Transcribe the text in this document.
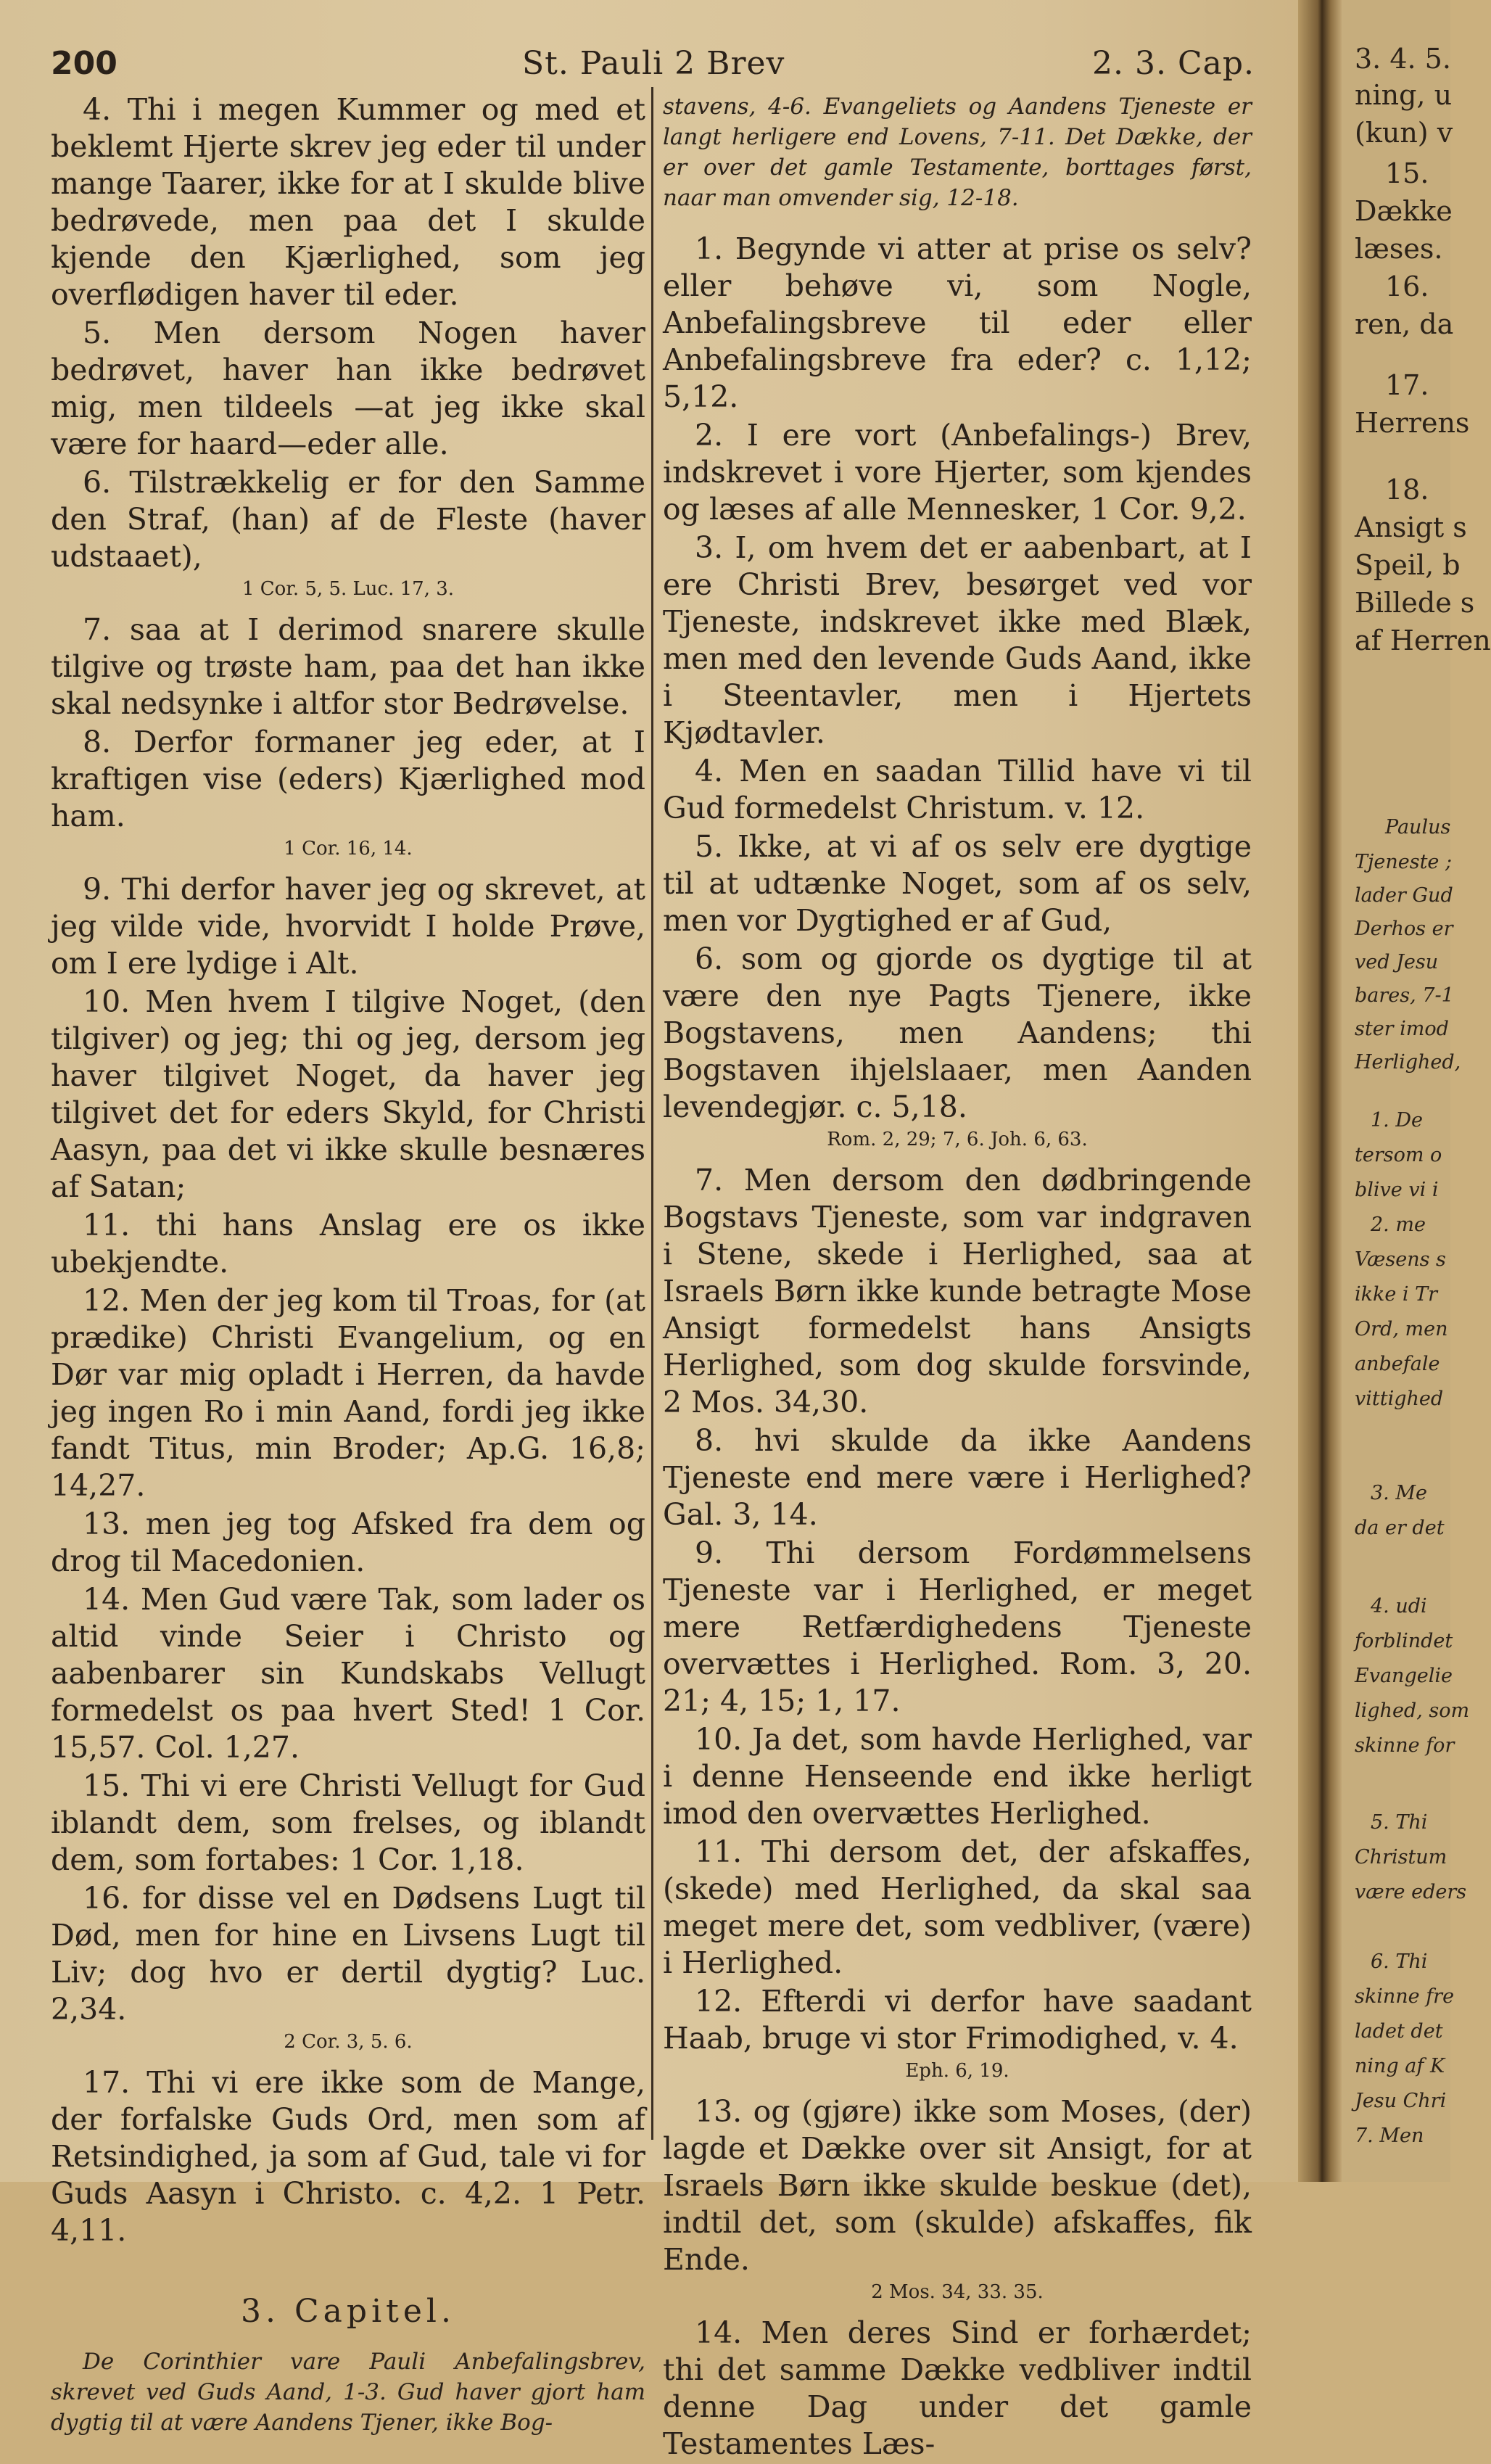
200	St. Pauli 2 Brev	2. 3. Cap.

4. Thi i megen Kummer og med et beklemt Hjerte skrev jeg eder til under mange Taarer, ikke for at I skulde blive bedrøvede, men paa det I skulde kjende den Kjærlighed, som jeg overflødigen haver til eder.

5. Men dersom Nogen haver bedrøvet, haver han ikke bedrøvet mig, men tildeels —at jeg ikke skal være for haard—eder alle.

6. Tilstrækkelig er for den Samme den Straf, (han) af de Fleste (haver udstaaet),

1 Cor. 5, 5. Luc. 17, 3.

7. saa at I derimod snarere skulle tilgive og trøste ham, paa det han ikke skal nedsynke i altfor stor Bedrøvelse.

8. Derfor formaner jeg eder, at I kraftigen vise (eders) Kjærlighed mod ham.

1 Cor. 16, 14.

9. Thi derfor haver jeg og skrevet, at jeg vilde vide, hvorvidt I holde Prøve, om I ere lydige i Alt.

10. Men hvem I tilgive Noget, (den tilgiver) og jeg; thi og jeg, dersom jeg haver tilgivet Noget, da haver jeg tilgivet det for eders Skyld, for Christi Aasyn, paa det vi ikke skulle besnæres af Satan;

11. thi hans Anslag ere os ikke ubekjendte.

12. Men der jeg kom til Troas, for (at prædike) Christi Evangelium, og en Dør var mig opladt i Herren, da havde jeg ingen Ro i min Aand, fordi jeg ikke fandt Titus, min Broder; Ap.G. 16,8; 14,27.

13. men jeg tog Afsked fra dem og drog til Macedonien.

14. Men Gud være Tak, som lader os altid vinde Seier i Christo og aabenbarer sin Kundskabs Vellugt formedelst os paa hvert Sted! 1 Cor. 15,57. Col. 1,27.

15. Thi vi ere Christi Vellugt for Gud iblandt dem, som frelses, og iblandt dem, som fortabes: 1 Cor. 1,18.

16. for disse vel en Dødsens Lugt til Død, men for hine en Livsens Lugt til Liv; dog hvo er dertil dygtig? Luc. 2,34.

2 Cor. 3, 5. 6.

17. Thi vi ere ikke som de Mange, der forfalske Guds Ord, men som af Retsindighed, ja som af Gud, tale vi for Guds Aasyn i Christo. c. 4,2. 1 Petr. 4,11.

3. Capitel.

De Corinthier vare Pauli Anbefalingsbrev, skrevet ved Guds Aand, 1-3. Gud haver gjort ham dygtig til at være Aandens Tjener, ikke Bog-

stavens, 4-6. Evangeliets og Aandens Tjeneste er langt herligere end Lovens, 7-11. Det Dække, der er over det gamle Testamente, borttages først, naar man omvender sig, 12-18.

1. Begynde vi atter at prise os selv? eller behøve vi, som Nogle, Anbefalingsbreve til eder eller Anbefalingsbreve fra eder? c. 1,12; 5,12.

2. I ere vort (Anbefalings-) Brev, indskrevet i vore Hjerter, som kjendes og læses af alle Mennesker, 1 Cor. 9,2.

3. I, om hvem det er aabenbart, at I ere Christi Brev, besørget ved vor Tjeneste, indskrevet ikke med Blæk, men med den levende Guds Aand, ikke i Steentavler, men i Hjertets Kjødtavler.

4. Men en saadan Tillid have vi til Gud formedelst Christum. v. 12.

5. Ikke, at vi af os selv ere dygtige til at udtænke Noget, som af os selv, men vor Dygtighed er af Gud,

6. som og gjorde os dygtige til at være den nye Pagts Tjenere, ikke Bogstavens, men Aandens; thi Bogstaven ihjelslaaer, men Aanden levendegjør. c. 5,18.

Rom. 2, 29; 7, 6. Joh. 6, 63.

7. Men dersom den dødbringende Bogstavs Tjeneste, som var indgraven i Stene, skede i Herlighed, saa at Israels Børn ikke kunde betragte Mose Ansigt formedelst hans Ansigts Herlighed, som dog skulde forsvinde, 2 Mos. 34,30.

8. hvi skulde da ikke Aandens Tjeneste end mere være i Herlighed? Gal. 3, 14.

9. Thi dersom Fordømmelsens Tjeneste var i Herlighed, er meget mere Retfærdighedens Tjeneste overvættes i Herlighed. Rom. 3, 20. 21; 4, 15; 1, 17.

10. Ja det, som havde Herlighed, var i denne Henseende end ikke herligt imod den overvættes Herlighed.

11. Thi dersom det, der afskaffes, (skede) med Herlighed, da skal saa meget mere det, som vedbliver, (være) i Herlighed.

12. Efterdi vi derfor have saadant Haab, bruge vi stor Frimodighed, v. 4.

Eph. 6, 19.

13. og (gjøre) ikke som Moses, (der) lagde et Dække over sit Ansigt, for at Israels Børn ikke skulde beskue (det), indtil det, som (skulde) afskaffes, fik Ende.

2 Mos. 34, 33. 35.

14. Men deres Sind er forhærdet; thi det samme Dække vedbliver indtil denne Dag under det gamle Testamentes Læs-

3. 4. 5.
ning, u
(kun) v
15.
Dække
læses.
16.
ren, da
17.
Herrens
18.
Ansigt s
Speil, b
Billede s
af Herren
Paulus
Tjeneste ;
lader Gud
Derhos er
ved Jesu
bares, 7-1
ster imod
Herlighed,
1. De
tersom o
blive vi i
2. me
Væsens s
ikke i Tr
Ord, men
anbefale
vittighed
3. Me
da er det
4. udi
forblindet
Evangelie
lighed, som
skinne for
5. Thi
Christum
være eders
6. Thi
skinne fre
ladet det
ning af K
Jesu Chri
7. Men
